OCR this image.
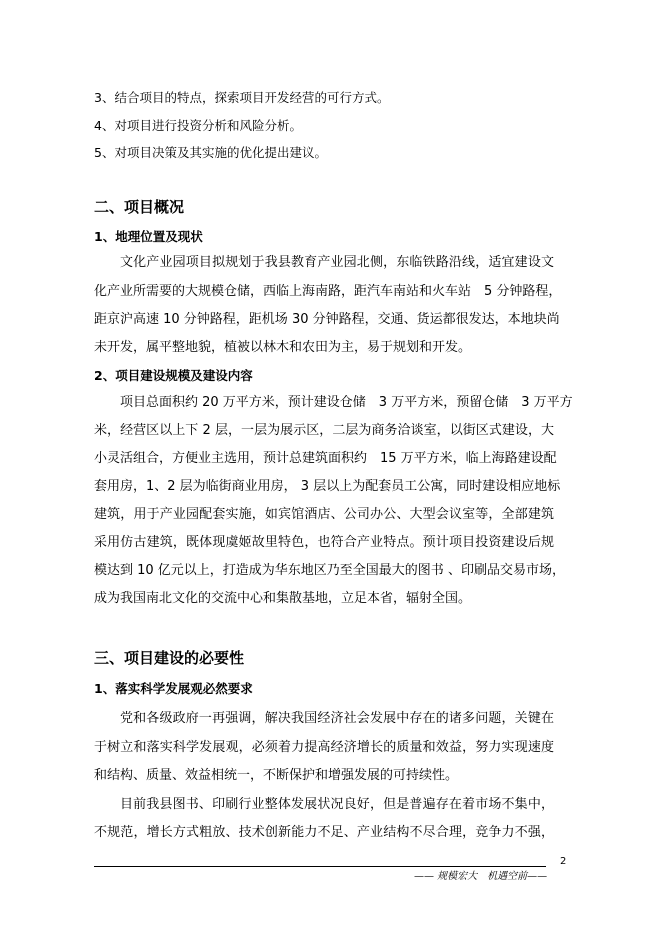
3、结合项目的特点，探索项目开发经营的可行方式。
4、对项目进行投资分析和风险分析。
5、对项目决策及其实施的优化提出建议。
二、项目概况
1、地理位置及现状
文化产业园项目拟规划于我县教育产业园北侧，东临铁路沿线，适宜建设文
化产业所需要的大规模仓储，西临上海南路，距汽车南站和火车站　5 分钟路程，
距京沪高速 10 分钟路程，距机场 30 分钟路程，交通、货运都很发达，本地块尚
未开发，属平整地貌，植被以林木和农田为主，易于规划和开发。
2、项目建设规模及建设内容
项目总面积约 20 万平方米，预计建设仓储　3 万平方米，预留仓储　3 万平方
米，经营区以上下 2 层，一层为展示区，二层为商务洽谈室，以街区式建设，大
小灵活组合，方便业主选用，预计总建筑面积约　15 万平方米，临上海路建设配
套用房，1、2 层为临街商业用房， 3 层以上为配套员工公寓，同时建设相应地标
建筑，用于产业园配套实施，如宾馆酒店、公司办公、大型会议室等，全部建筑
采用仿古建筑，既体现虞姬故里特色，也符合产业特点。预计项目投资建设后规
模达到 10 亿元以上，打造成为华东地区乃至全国最大的图书 、印刷品交易市场，
成为我国南北文化的交流中心和集散基地，立足本省，辐射全国。
三、项目建设的必要性
1、落实科学发展观必然要求
党和各级政府一再强调，解决我国经济社会发展中存在的诸多问题，关键在
于树立和落实科学发展观，必须着力提高经济增长的质量和效益，努力实现速度
和结构、质量、效益相统一，不断保护和增强发展的可持续性。
目前我县图书、印刷行业整体发展状况良好，但是普遍存在着市场不集中，
不规范，增长方式粗放、技术创新能力不足、产业结构不尽合理，竞争力不强，
2
—— 规模宏大　机遇空前——
